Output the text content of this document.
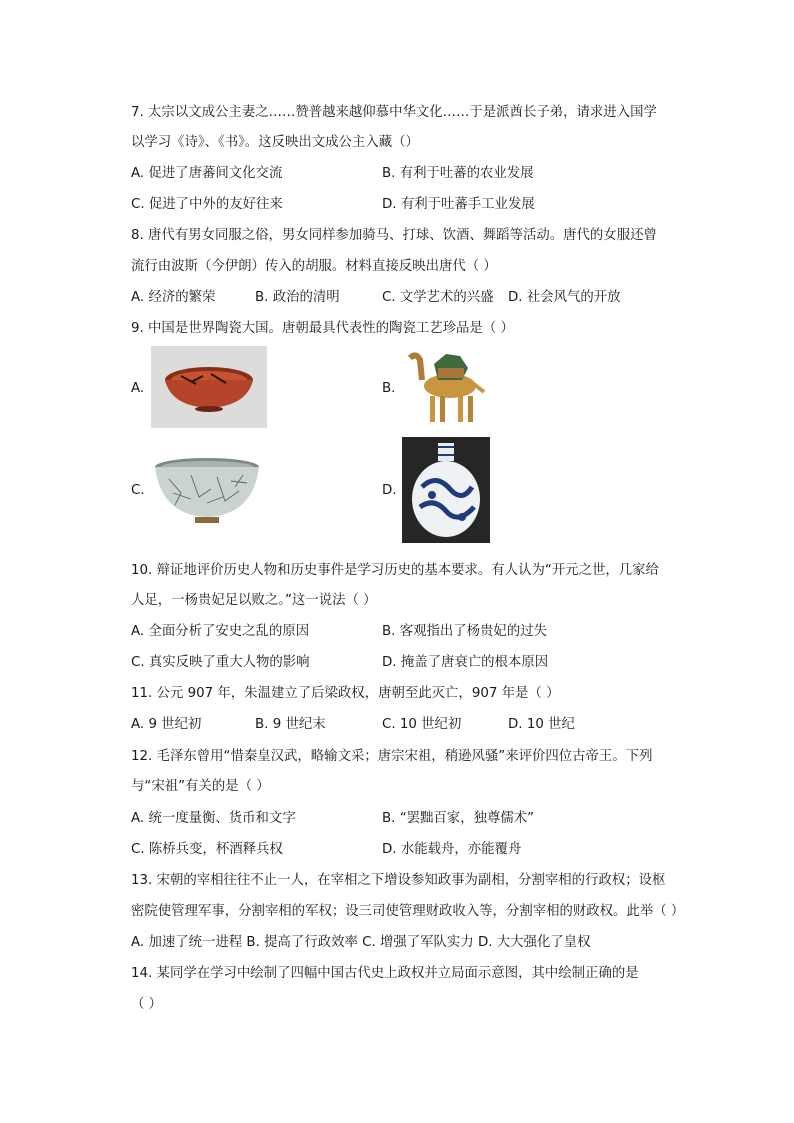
7. 太宗以文成公主妻之……赞普越来越仰慕中华文化……于是派酋长子弟，请求进入国学
以学习《诗》、《书》。这反映出文成公主入藏（）
A. 促进了唐蕃间文化交流	B. 有利于吐蕃的农业发展
C. 促进了中外的友好往来	D. 有利于吐蕃手工业发展
8. 唐代有男女同服之俗，男女同样参加骑马、打球、饮酒、舞蹈等活动。唐代的女服还曾
流行由波斯（今伊朗）传入的胡服。材料直接反映出唐代（ ）
A. 经济的繁荣	B. 政治的清明	C. 文学艺术的兴盛 D. 社会风气的开放
9. 中国是世界陶瓷大国。唐朝最具代表性的陶瓷工艺珍品是（ ）
A.	B.
C.	D.
10. 辩证地评价历史人物和历史事件是学习历史的基本要求。有人认为“开元之世，几家给
人足，一杨贵妃足以败之。”这一说法（ ）
A. 全面分析了安史之乱的原因	B. 客观指出了杨贵妃的过失
C. 真实反映了重大人物的影响	D. 掩盖了唐衰亡的根本原因
11. 公元 907 年，朱温建立了后梁政权，唐朝至此灭亡，907 年是（ ）
A. 9 世纪初	B. 9 世纪末	C. 10 世纪初	D. 10 世纪
12. 毛泽东曾用“惜秦皇汉武，略输文采；唐宗宋祖，稍逊风骚”来评价四位古帝王。下列
与“宋祖”有关的是（ ）
A. 统一度量衡、货币和文字	B. “罢黜百家，独尊儒术”
C. 陈桥兵变，杯酒释兵权	D. 水能载舟，亦能覆舟
13. 宋朝的宰相往往不止一人，在宰相之下增设参知政事为副相，分割宰相的行政权；设枢
密院使管理军事，分割宰相的军权；设三司使管理财政收入等，分割宰相的财政权。此举（ ）
A. 加速了统一进程 B. 提高了行政效率 C. 增强了军队实力 D. 大大强化了皇权
14. 某同学在学习中绘制了四幅中国古代史上政权并立局面示意图，其中绘制正确的是
（ ）
